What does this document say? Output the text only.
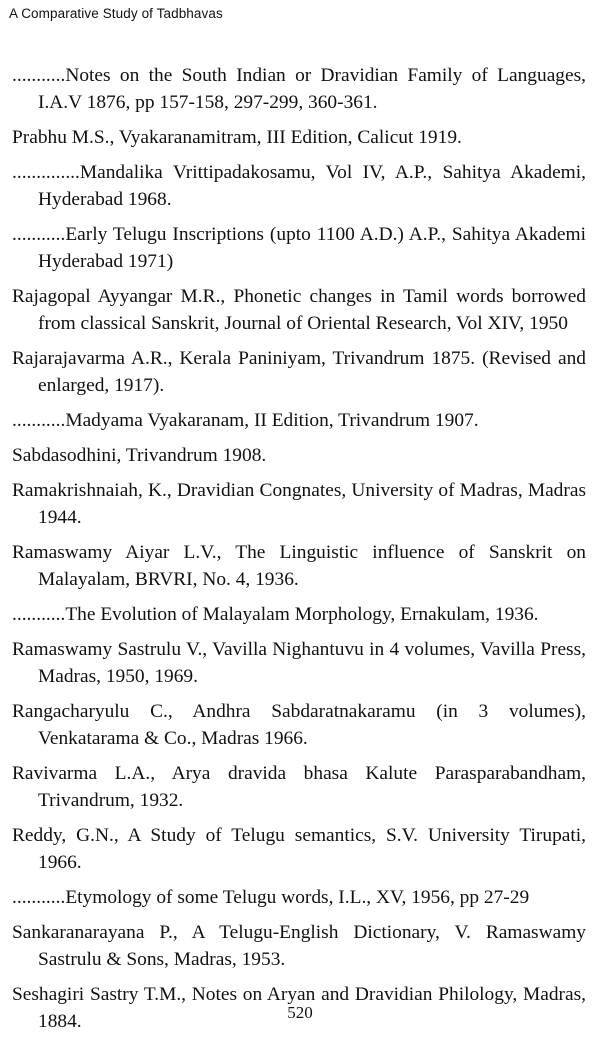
A Comparative Study of Tadbhavas

...........Notes on the South Indian or Dravidian Family of Languages, I.A.V 1876, pp 157-158, 297-299, 360-361.

Prabhu M.S., Vyakaranamitram, III Edition, Calicut 1919.

..............Mandalika Vrittipadakosamu, Vol IV, A.P., Sahitya Akademi, Hyderabad 1968.

...........Early Telugu Inscriptions (upto 1100 A.D.) A.P., Sahitya Akademi Hyderabad 1971)

Rajagopal Ayyangar M.R., Phonetic changes in Tamil words borrowed from classical Sanskrit, Journal of Oriental Research, Vol XIV, 1950

Rajarajavarma A.R., Kerala Paniniyam, Trivandrum 1875. (Revised and enlarged, 1917).

...........Madyama Vyakaranam, II Edition, Trivandrum 1907.

Sabdasodhini, Trivandrum 1908.

Ramakrishnaiah, K., Dravidian Congnates, University of Madras, Madras 1944.

Ramaswamy Aiyar L.V., The Linguistic influence of Sanskrit on Malayalam, BRVRI, No. 4, 1936.

...........The Evolution of Malayalam Morphology, Ernakulam, 1936.

Ramaswamy Sastrulu V., Vavilla Nighantuvu in 4 volumes, Vavilla Press, Madras, 1950, 1969.

Rangacharyulu C., Andhra Sabdaratnakaramu (in 3 volumes), Venkatarama & Co., Madras 1966.

Ravivarma L.A., Arya dravida bhasa Kalute Parasparabandham, Trivandrum, 1932.

Reddy, G.N., A Study of Telugu semantics, S.V. University Tirupati, 1966.

...........Etymology of some Telugu words, I.L., XV, 1956, pp 27-29

Sankaranarayana P., A Telugu-English Dictionary, V. Ramaswamy Sastrulu & Sons, Madras, 1953.

Seshagiri Sastry T.M., Notes on Aryan and Dravidian Philology, Madras, 1884.	520
